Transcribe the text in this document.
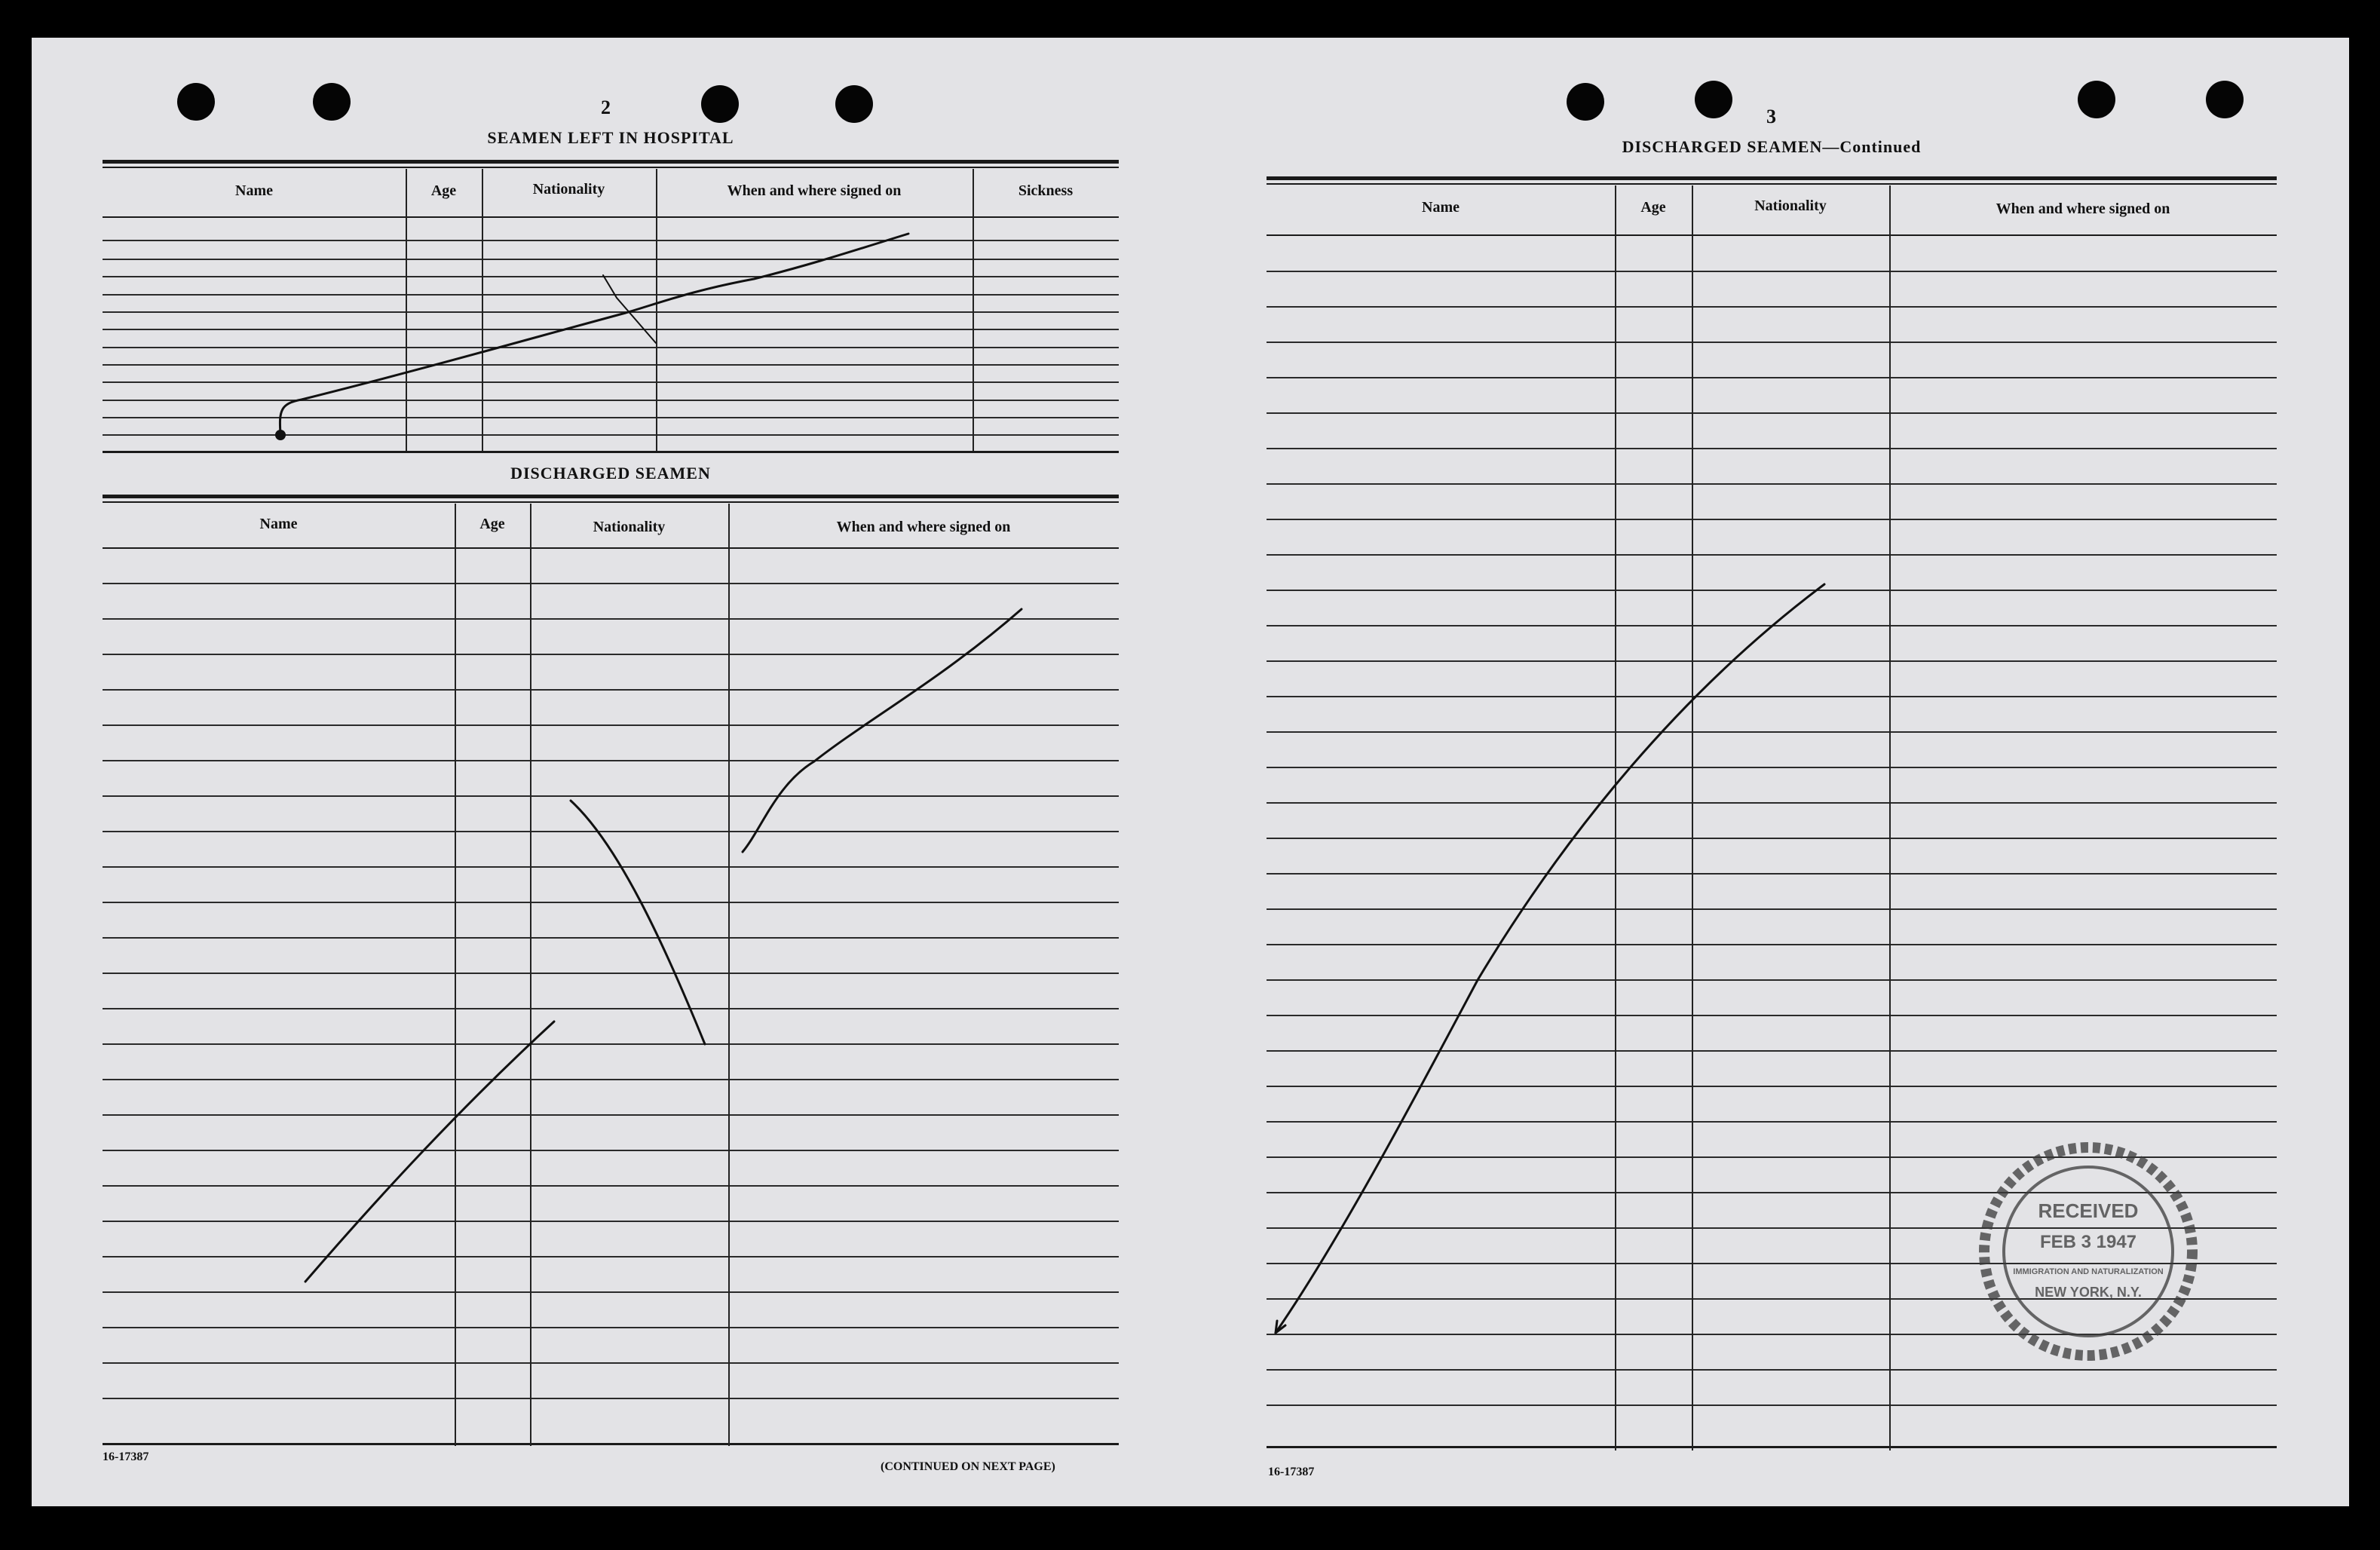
2
SEAMEN LEFT IN HOSPITAL
Name	Age	Nationality	When and where signed on	Sickness
DISCHARGED SEAMEN
Name	Age	Nationality	When and where signed on
16-17387
(CONTINUED ON NEXT PAGE)
3
DISCHARGED SEAMEN—Continued
Name	Age	Nationality	When and where signed on
16-17387
RECEIVED
FEB 3 1947
IMMIGRATION AND NATURALIZATION
NEW YORK, N.Y.
